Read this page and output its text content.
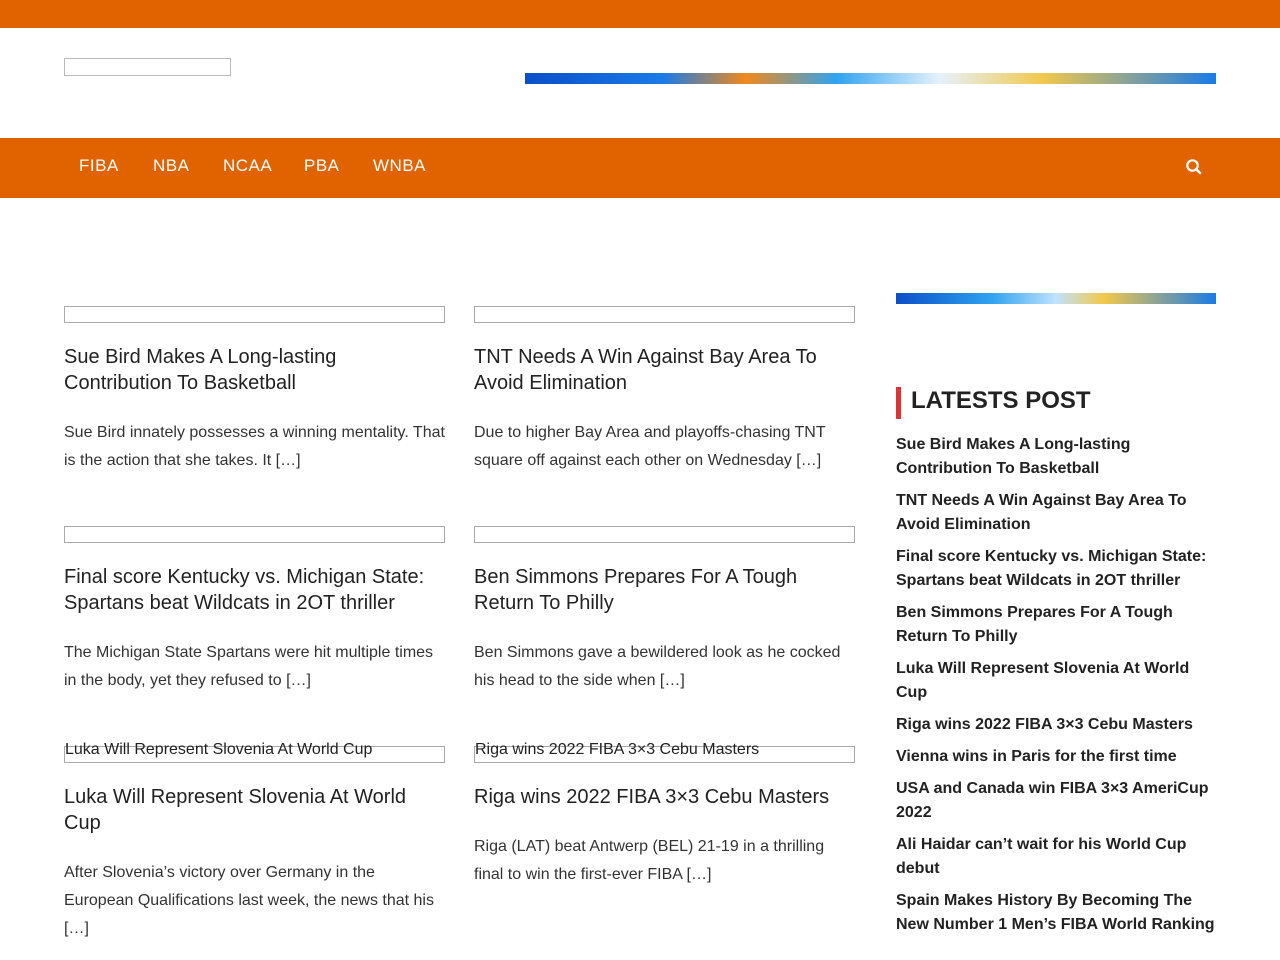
FIBA NBA NCAA PBA WNBA
Sue Bird Makes A Long-lasting Contribution To Basketball
Sue Bird innately possesses a winning mentality. That is the action that she takes. It […]
TNT Needs A Win Against Bay Area To Avoid Elimination
Due to higher Bay Area and playoffs-chasing TNT square off against each other on Wednesday […]
Final score Kentucky vs. Michigan State: Spartans beat Wildcats in 2OT thriller
The Michigan State Spartans were hit multiple times in the body, yet they refused to […]
Ben Simmons Prepares For A Tough Return To Philly
Ben Simmons gave a bewildered look as he cocked his head to the side when […]
Luka Will Represent Slovenia At World Cup
Luka Will Represent Slovenia At World Cup
After Slovenia’s victory over Germany in the European Qualifications last week, the news that his […]
Riga wins 2022 FIBA 3×3 Cebu Masters
Riga wins 2022 FIBA 3×3 Cebu Masters
Riga (LAT) beat Antwerp (BEL) 21-19 in a thrilling final to win the first-ever FIBA […]
LATESTS POST
Sue Bird Makes A Long-lasting Contribution To Basketball
TNT Needs A Win Against Bay Area To Avoid Elimination
Final score Kentucky vs. Michigan State: Spartans beat Wildcats in 2OT thriller
Ben Simmons Prepares For A Tough Return To Philly
Luka Will Represent Slovenia At World Cup
Riga wins 2022 FIBA 3×3 Cebu Masters
Vienna wins in Paris for the first time
USA and Canada win FIBA 3×3 AmeriCup 2022
Ali Haidar can’t wait for his World Cup debut
Spain Makes History By Becoming The New Number 1 Men’s FIBA World Ranking
